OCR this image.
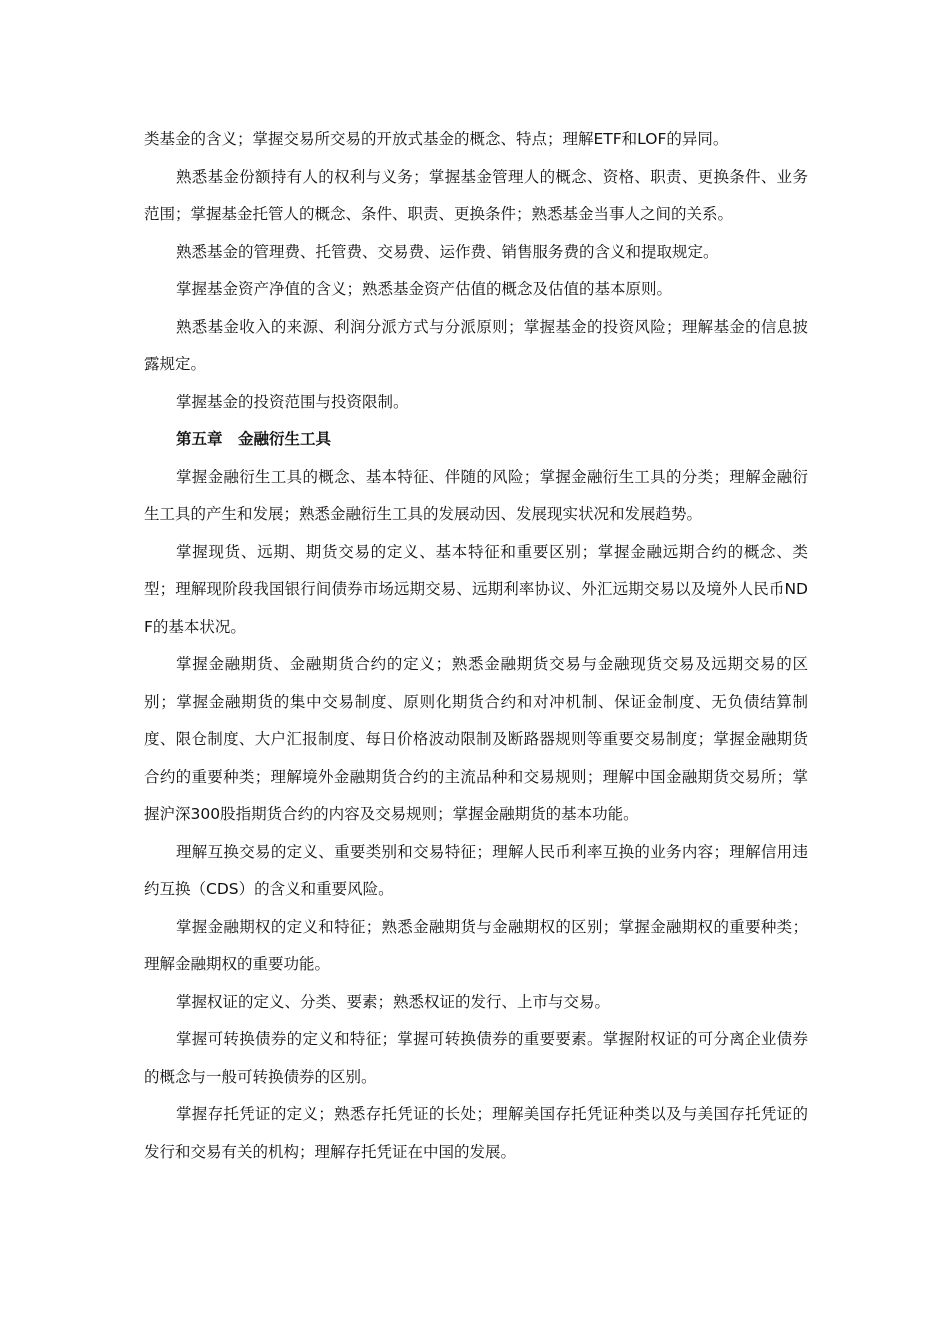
类基金的含义；掌握交易所交易的开放式基金的概念、特点；理解ETF和LOF的异同。

熟悉基金份额持有人的权利与义务；掌握基金管理人的概念、资格、职责、更换条件、业务范围；掌握基金托管人的概念、条件、职责、更换条件；熟悉基金当事人之间的关系。

熟悉基金的管理费、托管费、交易费、运作费、销售服务费的含义和提取规定。

掌握基金资产净值的含义；熟悉基金资产估值的概念及估值的基本原则。

熟悉基金收入的来源、利润分派方式与分派原则；掌握基金的投资风险；理解基金的信息披露规定。

掌握基金的投资范围与投资限制。

第五章　金融衍生工具

掌握金融衍生工具的概念、基本特征、伴随的风险；掌握金融衍生工具的分类；理解金融衍生工具的产生和发展；熟悉金融衍生工具的发展动因、发展现实状况和发展趋势。

掌握现货、远期、期货交易的定义、基本特征和重要区别；掌握金融远期合约的概念、类型；理解现阶段我国银行间债券市场远期交易、远期利率协议、外汇远期交易以及境外人民币NDF的基本状况。

掌握金融期货、金融期货合约的定义；熟悉金融期货交易与金融现货交易及远期交易的区别；掌握金融期货的集中交易制度、原则化期货合约和对冲机制、保证金制度、无负债结算制度、限仓制度、大户汇报制度、每日价格波动限制及断路器规则等重要交易制度；掌握金融期货合约的重要种类；理解境外金融期货合约的主流品种和交易规则；理解中国金融期货交易所；掌握沪深300股指期货合约的内容及交易规则；掌握金融期货的基本功能。

理解互换交易的定义、重要类别和交易特征；理解人民币利率互换的业务内容；理解信用违约互换（CDS）的含义和重要风险。

掌握金融期权的定义和特征；熟悉金融期货与金融期权的区别；掌握金融期权的重要种类；理解金融期权的重要功能。

掌握权证的定义、分类、要素；熟悉权证的发行、上市与交易。

掌握可转换债券的定义和特征；掌握可转换债券的重要要素。掌握附权证的可分离企业债券的概念与一般可转换债券的区别。

掌握存托凭证的定义；熟悉存托凭证的长处；理解美国存托凭证种类以及与美国存托凭证的发行和交易有关的机构；理解存托凭证在中国的发展。
